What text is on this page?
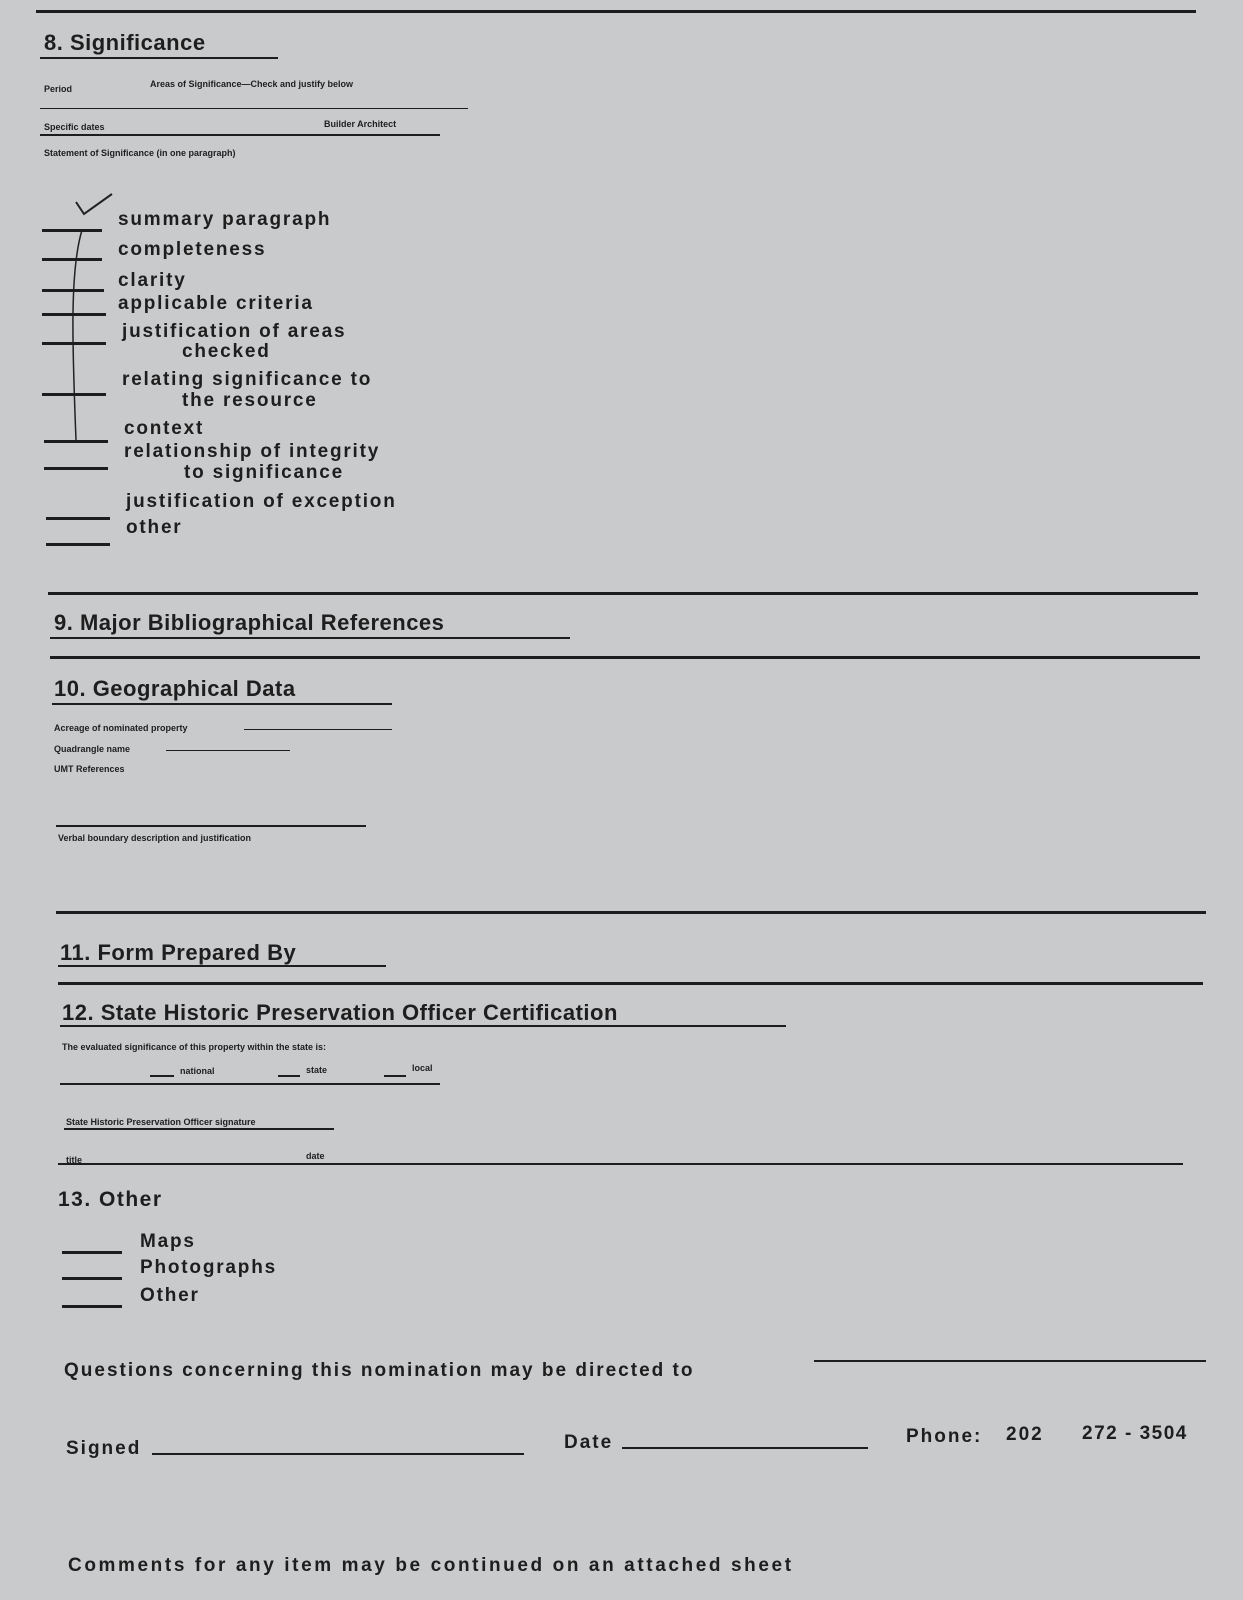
8. Significance
Period	Areas of Significance—Check and justify below
Specific dates	Builder Architect
Statement of Significance (in one paragraph)
summary paragraph
completeness
clarity
applicable criteria
justification of areas
checked
relating significance to
the resource
context
relationship of integrity
to significance
justification of exception
other
9. Major Bibliographical References
10. Geographical Data
Acreage of nominated property
Quadrangle name
UMT References
Verbal boundary description and justification
11. Form Prepared By
12. State Historic Preservation Officer Certification
The evaluated significance of this property within the state is:
national	state	local
State Historic Preservation Officer signature
title	date
13. Other
Maps
Photographs
Other
Questions concerning this nomination may be directed to
Signed	Date	Phone: 202 272 - 3504
Comments for any item may be continued on an attached sheet
